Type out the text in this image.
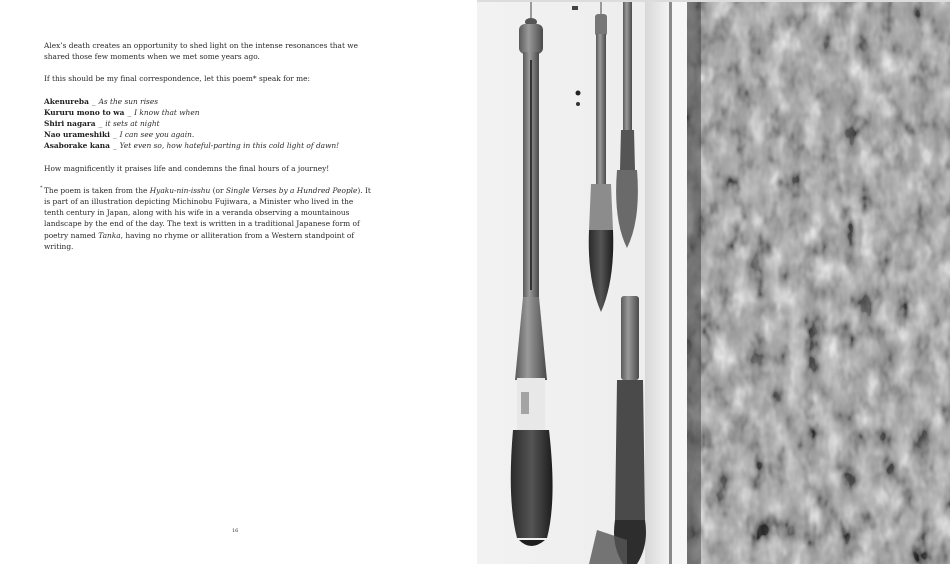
Alex’s death creates an opportunity to shed light on the intense resonances that we shared those few moments when we met some years ago.

If this should be my final correspondence, let this poem* speak for me:

Akenureba _ As the sun rises
Kururu mono to wa _ I know that when
Shiri nagara _ it sets at night
Nao urameshiki _ I can see you again.
Asaborake kana _ Yet even so, how hateful-parting in this cold light of dawn!

How magnificently it praises life and condemns the final hours of a journey!

* The poem is taken from the Hyaku-nin-isshu (or Single Verses by a Hundred People). It is part of an illustration depicting Michinobu Fujiwara, a Minister who lived in the tenth century in Japan, along with his wife in a veranda observing a mountainous landscape by the end of the day. The text is written in a traditional Japanese form of poetry named Tanka, having no rhyme or alliteration from a Western standpoint of writing.

16
